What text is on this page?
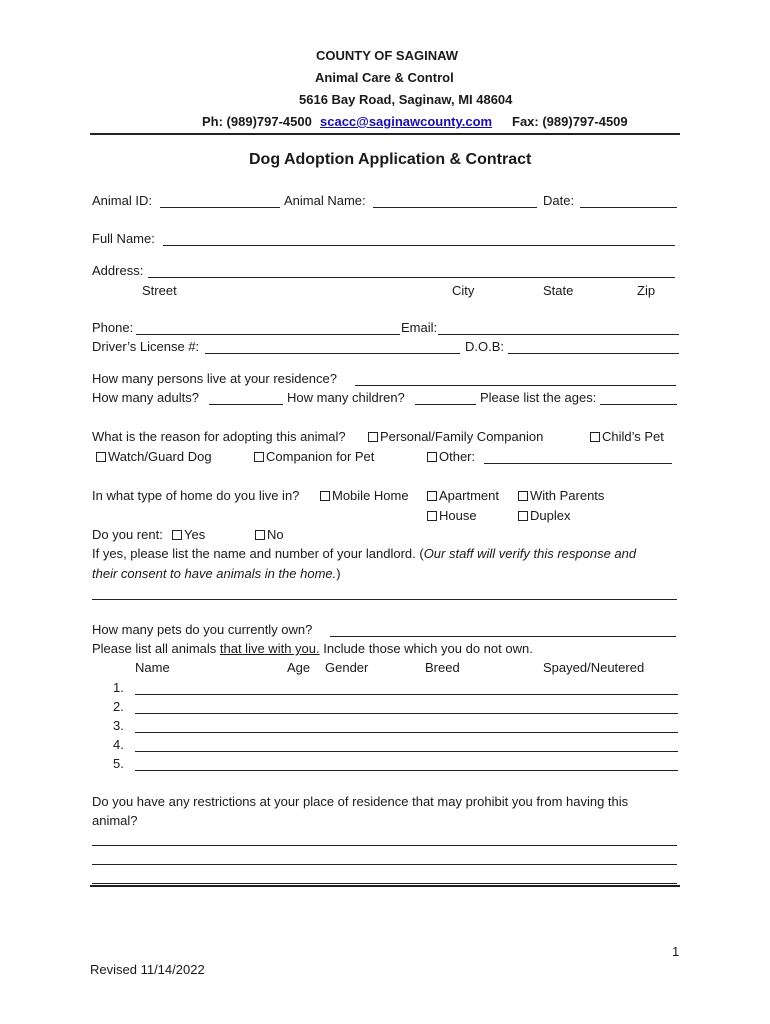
COUNTY OF SAGINAW
Animal Care & Control
5616 Bay Road, Saginaw, MI 48604
Ph: (989)797-4500 scacc@saginawcounty.com Fax: (989)797-4509
Dog Adoption Application & Contract
Animal ID:	Animal Name:	Date:
Full Name:
Address:
Street	City	State	Zip
Phone:	Email:
Driver’s License #:	D.O.B:
How many persons live at your residence?
How many adults?	How many children?	Please list the ages:
What is the reason for adopting this animal?	Personal/Family Companion	Child’s Pet
Watch/Guard Dog	Companion for Pet	Other:
In what type of home do you live in?	Mobile Home	Apartment	With Parents
House	Duplex
Do you rent:	Yes	No
If yes, please list the name and number of your landlord. (Our staff will verify this response and
their consent to have animals in the home.)
How many pets do you currently own?
Please list all animals that live with you. Include those which you do not own.
Name	Age Gender	Breed	Spayed/Neutered
1.
2.
3.
4.
5.
Do you have any restrictions at your place of residence that may prohibit you from having this
animal?
1
Revised 11/14/2022
